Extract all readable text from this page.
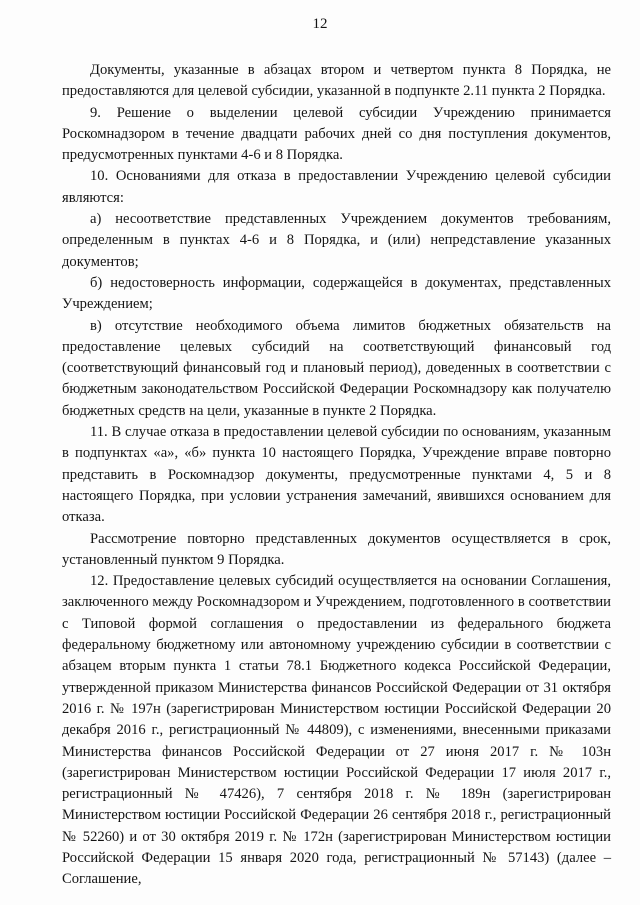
12

Документы, указанные в абзацах втором и четвертом пункта 8 Порядка, не предоставляются для целевой субсидии, указанной в подпункте 2.11 пункта 2 Порядка.

9. Решение о выделении целевой субсидии Учреждению принимается Роскомнадзором в течение двадцати рабочих дней со дня поступления документов, предусмотренных пунктами 4-6 и 8 Порядка.

10. Основаниями для отказа в предоставлении Учреждению целевой субсидии являются:

а) несоответствие представленных Учреждением документов требованиям, определенным в пунктах 4-6 и 8 Порядка, и (или) непредставление указанных документов;

б) недостоверность информации, содержащейся в документах, представленных Учреждением;

в) отсутствие необходимого объема лимитов бюджетных обязательств на предоставление целевых субсидий на соответствующий финансовый год (соответствующий финансовый год и плановый период), доведенных в соответствии с бюджетным законодательством Российской Федерации Роскомнадзору как получателю бюджетных средств на цели, указанные в пункте 2 Порядка.

11. В случае отказа в предоставлении целевой субсидии по основаниям, указанным в подпунктах «а», «б» пункта 10 настоящего Порядка, Учреждение вправе повторно представить в Роскомнадзор документы, предусмотренные пунктами 4, 5 и 8 настоящего Порядка, при условии устранения замечаний, явившихся основанием для отказа.

Рассмотрение повторно представленных документов осуществляется в срок, установленный пунктом 9 Порядка.

12. Предоставление целевых субсидий осуществляется на основании Соглашения, заключенного между Роскомнадзором и Учреждением, подготовленного в соответствии с Типовой формой соглашения о предоставлении из федерального бюджета федеральному бюджетному или автономному учреждению субсидии в соответствии с абзацем вторым пункта 1 статьи 78.1 Бюджетного кодекса Российской Федерации, утвержденной приказом Министерства финансов Российской Федерации от 31 октября 2016 г. № 197н (зарегистрирован Министерством юстиции Российской Федерации 20 декабря 2016 г., регистрационный № 44809), с изменениями, внесенными приказами Министерства финансов Российской Федерации от 27 июня 2017 г. № 103н (зарегистрирован Министерством юстиции Российской Федерации 17 июля 2017 г., регистрационный № 47426), 7 сентября 2018 г. № 189н (зарегистрирован Министерством юстиции Российской Федерации 26 сентября 2018 г., регистрационный № 52260) и от 30 октября 2019 г. № 172н (зарегистрирован Министерством юстиции Российской Федерации 15 января 2020 года, регистрационный № 57143) (далее – Соглашение,
